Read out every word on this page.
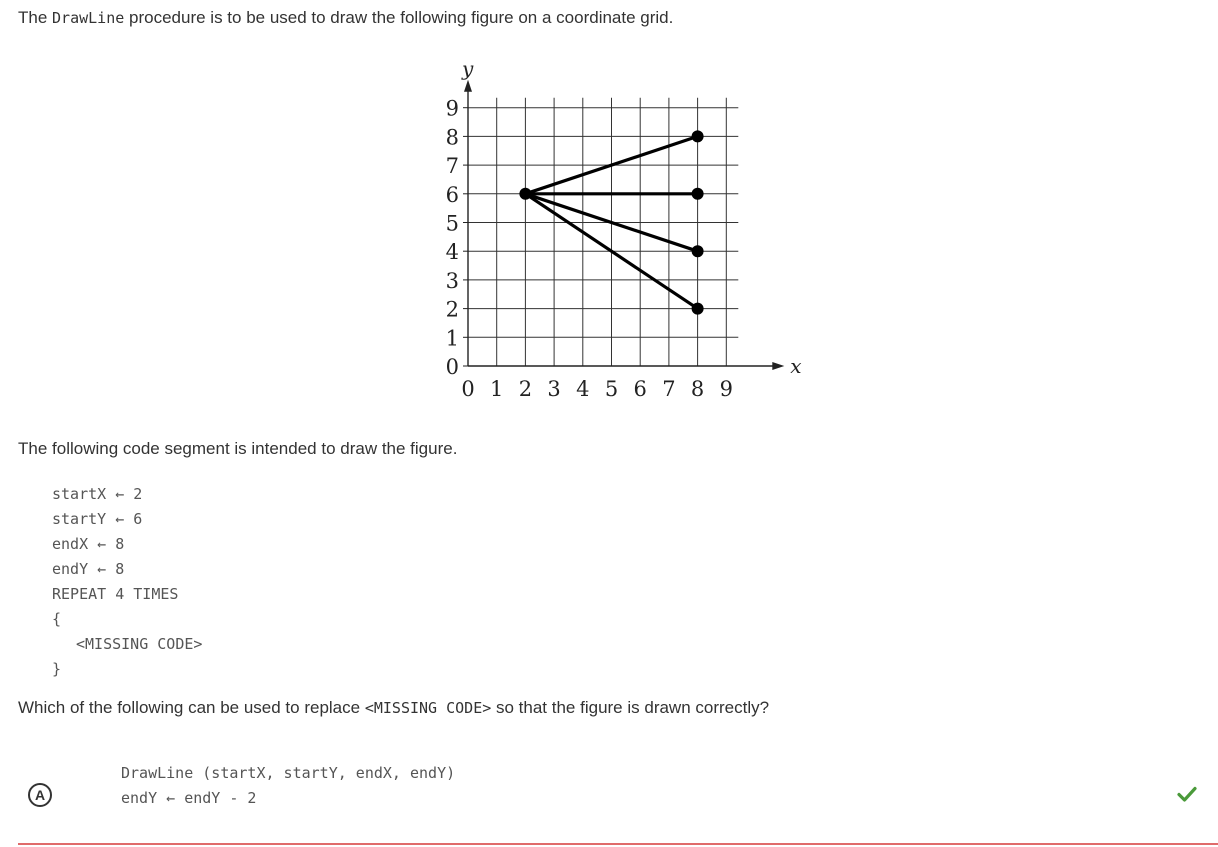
The DrawLine procedure is to be used to draw the following figure on a coordinate grid.
x
y
0 1 2 3 4 5 6 7 8 9
0
1
2
3
4
5
6
7
8
9
The following code segment is intended to draw the figure.
startX ← 2
startY ← 6
endX ← 8
endY ← 8
REPEAT 4 TIMES
{
<MISSING CODE>
}
Which of the following can be used to replace <MISSING CODE> so that the figure is drawn correctly?
A
DrawLine (startX, startY, endX, endY)
endY ← endY - 2
